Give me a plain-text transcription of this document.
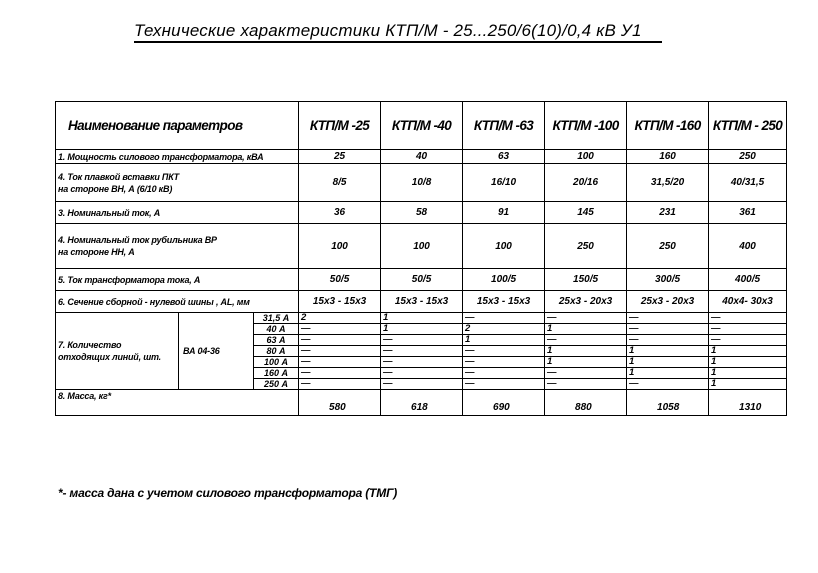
Технические характеристики КТП/М - 25...250/6(10)/0,4 кВ У1
Наименование параметров			КТП/М -25	КТП/М -40	КТП/М -63	КТП/М -100	КТП/М -160	КТП/М - 250

1. Мощность силового трансформатора, кВА			25	40	63	100	160	250

4. Ток плавкой вставки ПКТ
на стороне ВН, А (6/10 кВ)			8/5	10/8	16/10	20/16	31,5/20	40/31,5

3. Номинальный ток, А			36	58	91	145	231	361

4. Номинальный ток рубильника ВР
на стороне НН, А			100	100	100	250	250	400

5. Ток трансформатора тока, А			50/5	50/5	100/5	150/5	300/5	400/5

6. Сечение сборной - нулевой шины , АL, мм			15х3 - 15х3	15х3 - 15х3	15х3 - 15х3	25х3 - 20х3	25х3 - 20х3	40х4- 30х3

7. Количество
отходящих линий, шт.	ВА 04-36	31,5 А	2	1	—	—	—	—
		40 А	—	1	2	1	—	—
		63 А	—	—	1	—	—	—
		80 А	—	—	—	1	1	1
		100 А	—	—	—	1	1	1
		160 А	—	—	—	—	1	1
		250 А	—	—	—	—	—	1
8. Масса, кг*			580	618	690	880	1058	1310
*- масса дана с учетом силового трансформатора (ТМГ)
